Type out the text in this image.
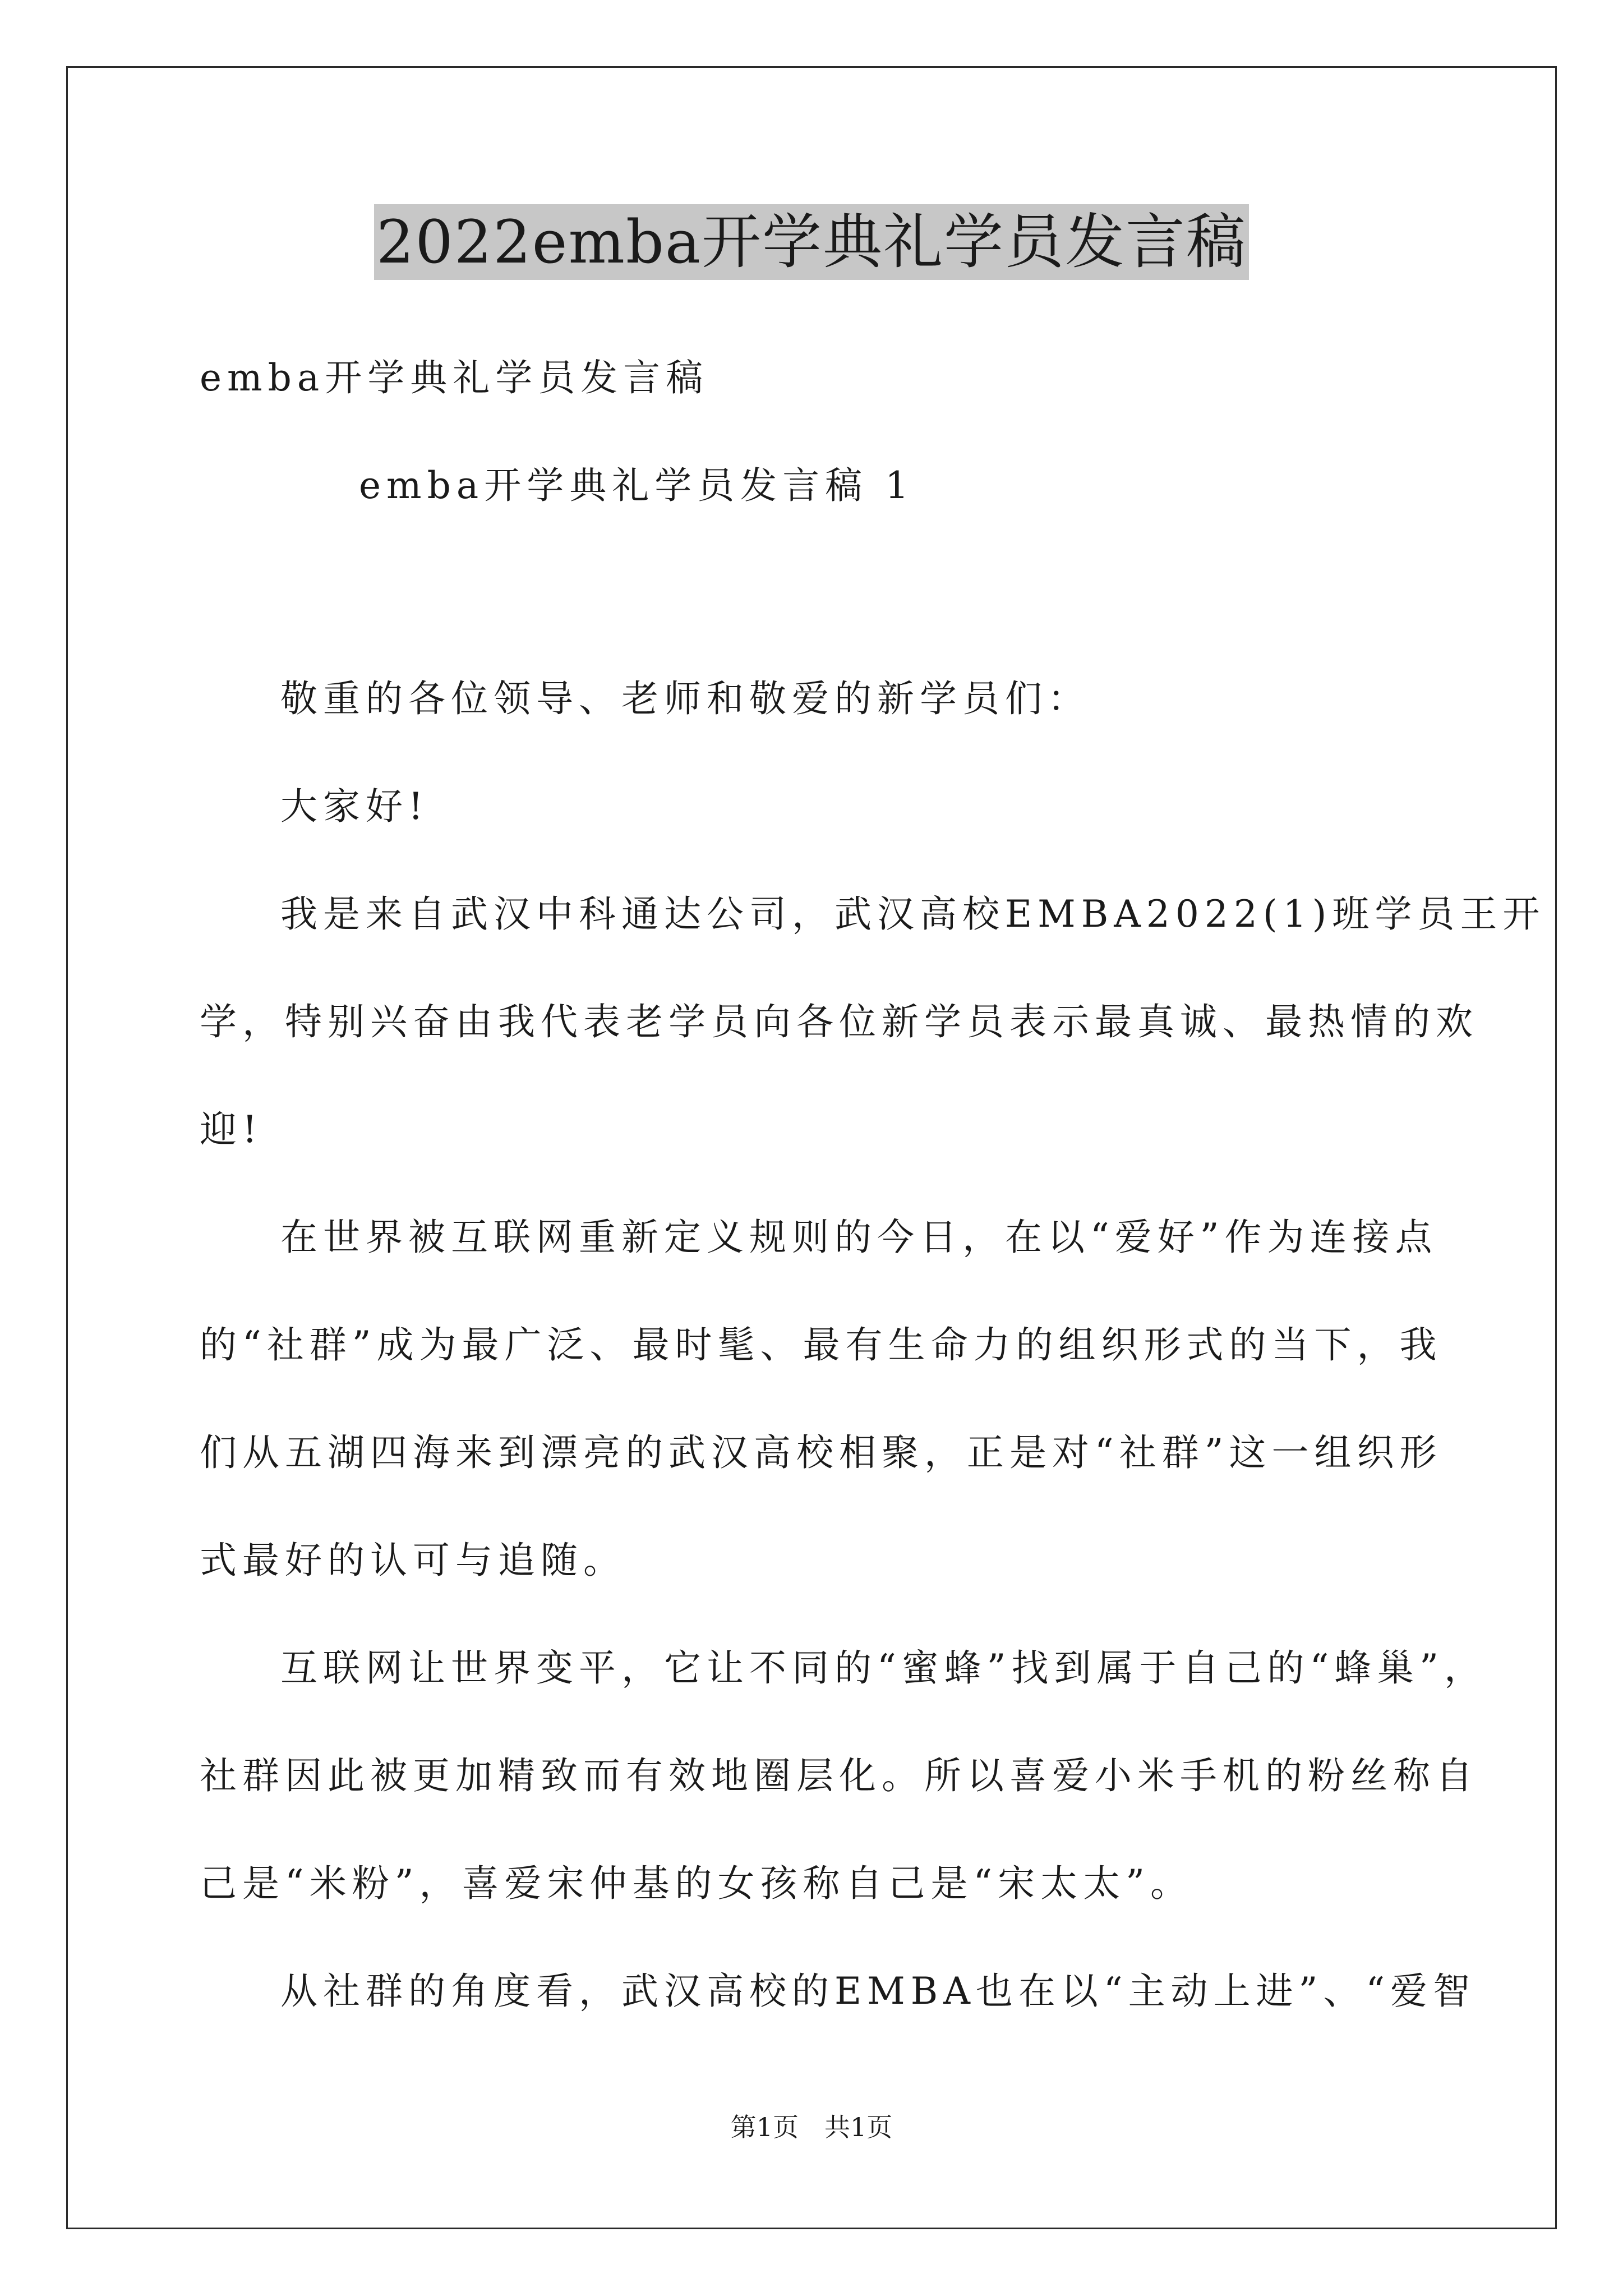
2022emba开学典礼学员发言稿
emba开学典礼学员发言稿
emba开学典礼学员发言稿 1
敬重的各位领导、老师和敬爱的新学员们：
大家好!
我是来自武汉中科通达公司，武汉高校EMBA2022(1)班学员王开
学，特别兴奋由我代表老学员向各位新学员表示最真诚、最热情的欢
迎!
在世界被互联网重新定义规则的今日，在以“爱好”作为连接点
的“社群”成为最广泛、最时髦、最有生命力的组织形式的当下，我
们从五湖四海来到漂亮的武汉高校相聚，正是对“社群”这一组织形
式最好的认可与追随。
互联网让世界变平，它让不同的“蜜蜂”找到属于自己的“蜂巢”，
社群因此被更加精致而有效地圈层化。所以喜爱小米手机的粉丝称自
己是“米粉”，喜爱宋仲基的女孩称自己是“宋太太”。
从社群的角度看，武汉高校的EMBA也在以“主动上进”、“爱智
第1页　共1页
